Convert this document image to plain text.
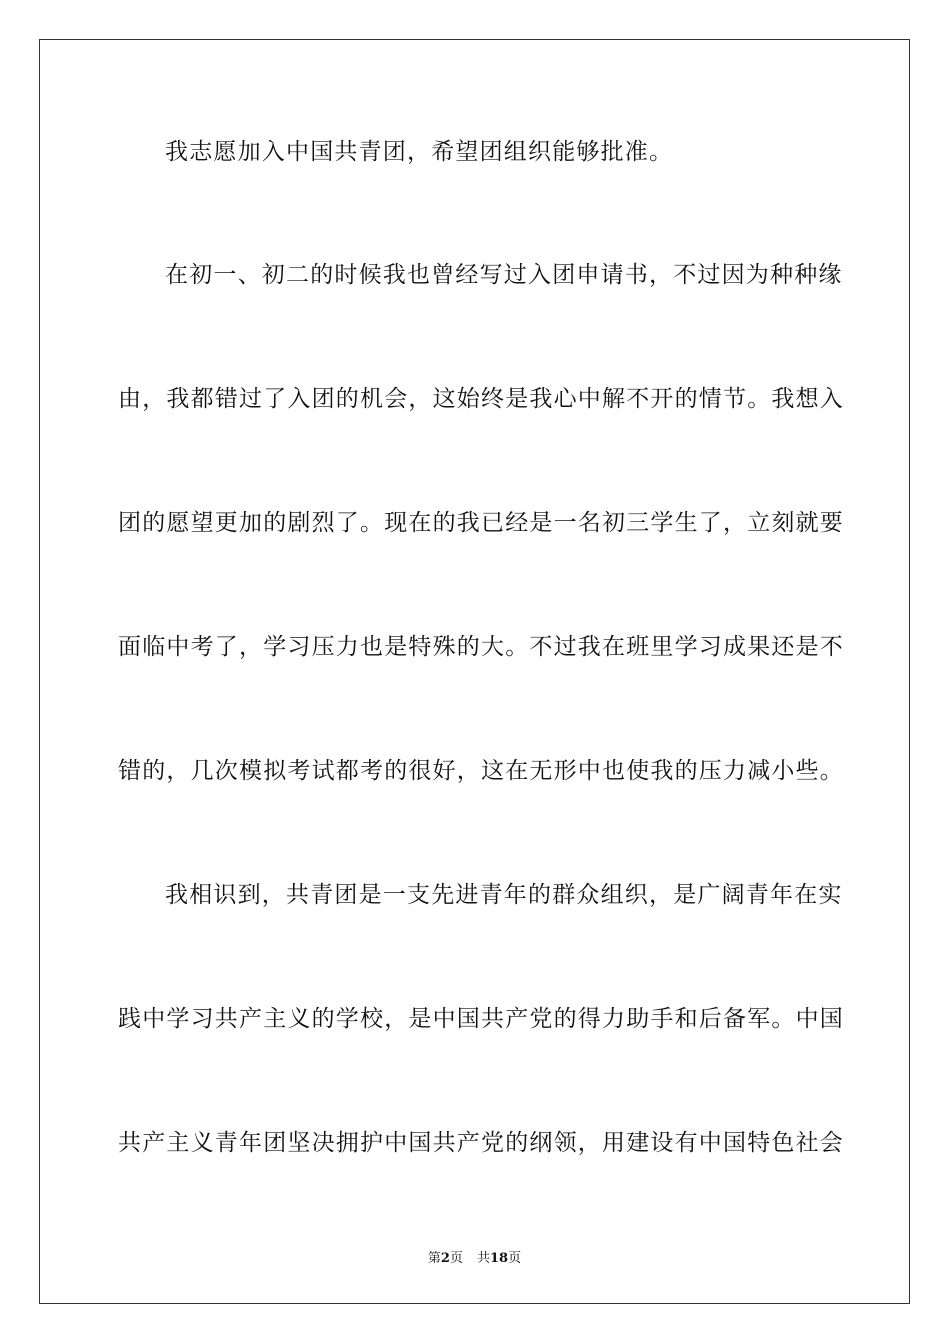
我志愿加入中国共青团，希望团组织能够批准。
在初一、初二的时候我也曾经写过入团申请书，不过因为种种缘
由，我都错过了入团的机会，这始终是我心中解不开的情节。我想入
团的愿望更加的剧烈了。现在的我已经是一名初三学生了，立刻就要
面临中考了，学习压力也是特殊的大。不过我在班里学习成果还是不
错的，几次模拟考试都考的很好，这在无形中也使我的压力减小些。
我相识到，共青团是一支先进青年的群众组织，是广阔青年在实
践中学习共产主义的学校，是中国共产党的得力助手和后备军。中国
共产主义青年团坚决拥护中国共产党的纲领，用建设有中国特色社会
第2页 共18页
